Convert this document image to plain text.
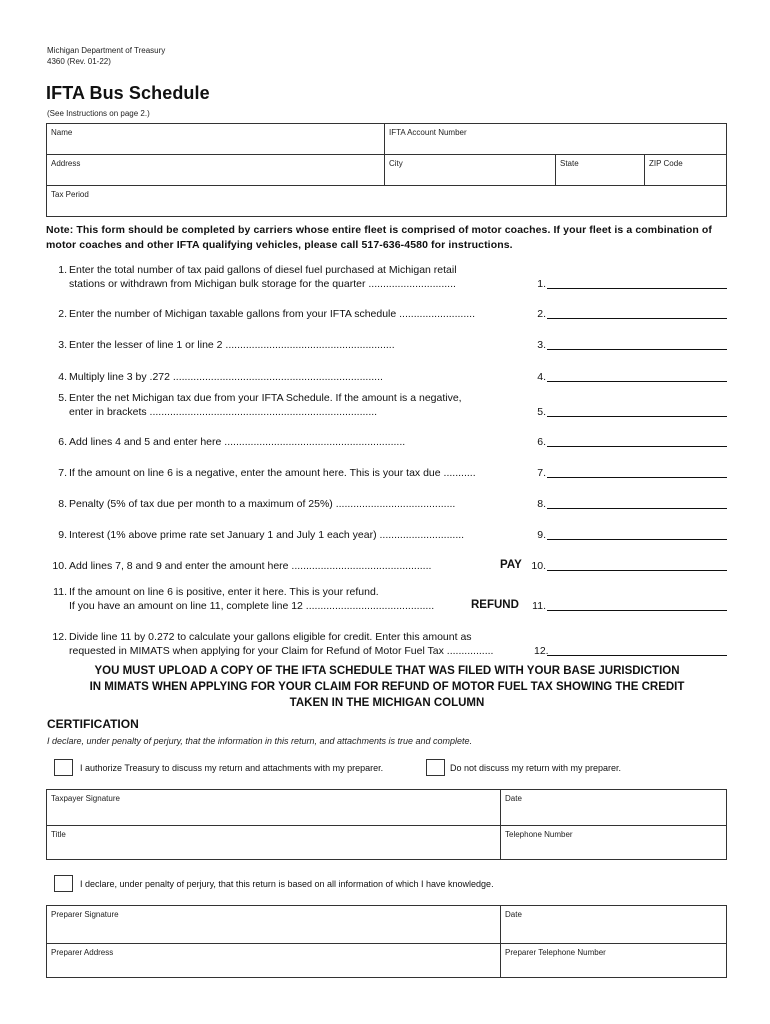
Michigan Department of Treasury
4360 (Rev. 01-22)
IFTA Bus Schedule
(See Instructions on page 2.)
Name	IFTA Account Number
Address	City	State	ZIP Code
Tax Period
Note: This form should be completed by carriers whose entire fleet is comprised of motor coaches. If your fleet is a combination of motor coaches and other IFTA qualifying vehicles, please call 517-636-4580 for instructions.
1. Enter the total number of tax paid gallons of diesel fuel purchased at Michigan retail
stations or withdrawn from Michigan bulk storage for the quarter ..............................	1.
2. Enter the number of Michigan taxable gallons from your IFTA schedule ..........................	2.
3. Enter the lesser of line 1 or line 2 ..........................................................	3.
4. Multiply line 3 by .272 ........................................................................	4.
5. Enter the net Michigan tax due from your IFTA Schedule. If the amount is a negative,
enter in brackets ..............................................................................	5.
6. Add lines 4 and 5 and enter here ..............................................................	6.
7. If the amount on line 6 is a negative, enter the amount here. This is your tax due ...........	7.
8. Penalty (5% of tax due per month to a maximum of 25%) .........................................	8.
9. Interest (1% above prime rate set January 1 and July 1 each year) .............................	9.
10. Add lines 7, 8 and 9 and enter the amount here ................................................	10.
PAY
11. If the amount on line 6 is positive, enter it here. This is your refund.
If you have an amount on line 11, complete line 12 ............................................	11.
REFUND
12. Divide line 11 by 0.272 to calculate your gallons eligible for credit. Enter this amount as
requested in MIMATS when applying for your Claim for Refund of Motor Fuel Tax ................	12.
YOU MUST UPLOAD A COPY OF THE IFTA SCHEDULE THAT WAS FILED WITH YOUR BASE JURISDICTION
IN MIMATS WHEN APPLYING FOR YOUR CLAIM FOR REFUND OF MOTOR FUEL TAX SHOWING THE CREDIT
TAKEN IN THE MICHIGAN COLUMN
CERTIFICATION
I declare, under penalty of perjury, that the information in this return, and attachments is true and complete.
I authorize Treasury to discuss my return and attachments with my preparer.	Do not discuss my return with my preparer.
Taxpayer Signature	Date
Title	Telephone Number
I declare, under penalty of perjury, that this return is based on all information of which I have knowledge.
Preparer Signature	Date
Preparer Address	Preparer Telephone Number
